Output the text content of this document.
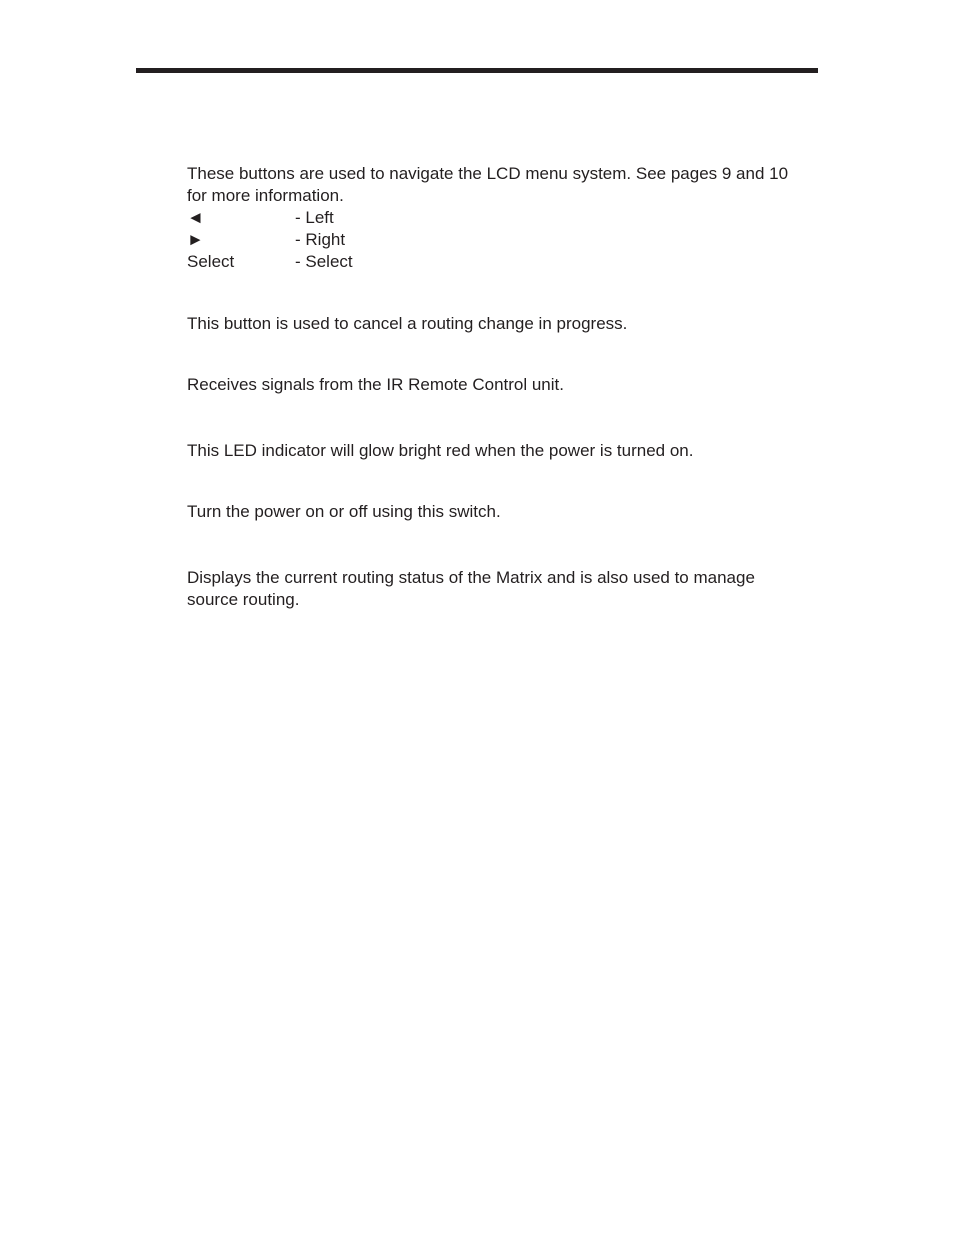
These buttons are used to navigate the LCD menu system. See pages 9 and 10 for more information.

◄	- Left
►	- Right
Select	- Select

This button is used to cancel a routing change in progress.

Receives signals from the IR Remote Control unit.

This LED indicator will glow bright red when the power is turned on.

Turn the power on or off using this switch.

Displays the current routing status of the Matrix and is also used to manage source routing.
